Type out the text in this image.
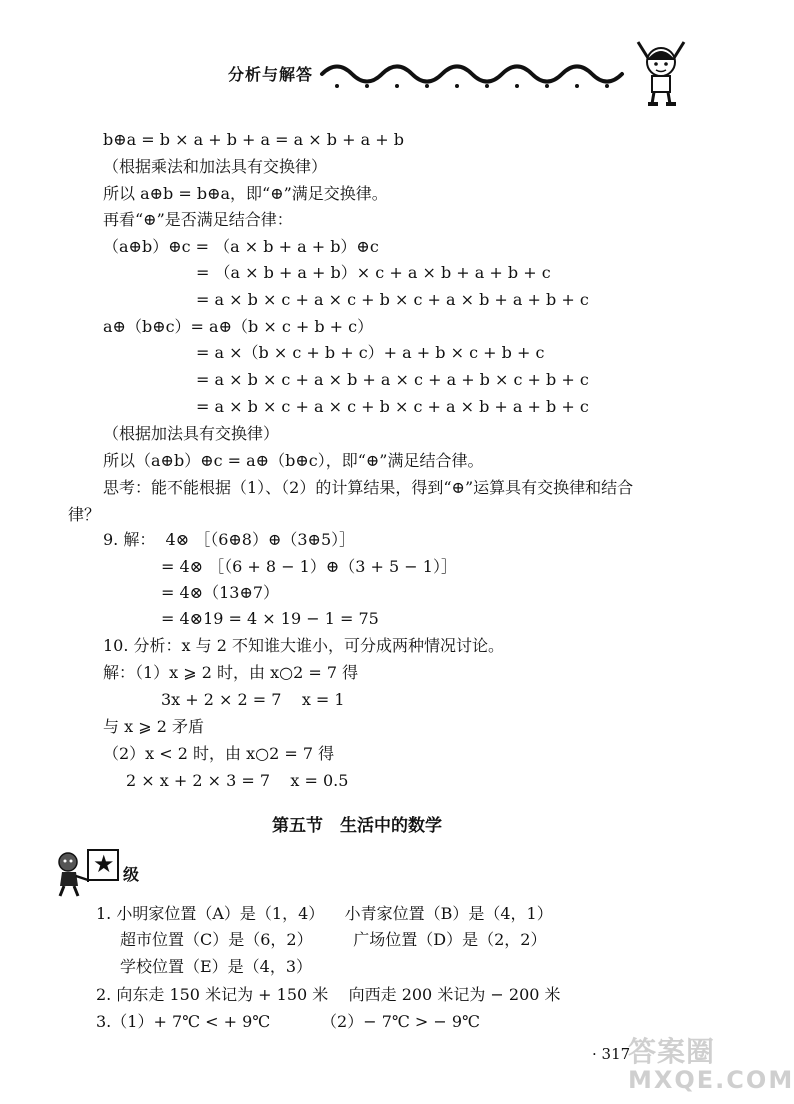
分析与解答
b⊕a = b × a + b + a = a × b + a + b
（根据乘法和加法具有交换律）
所以 a⊕b = b⊕a，即“⊕”满足交换律。
再看“⊕”是否满足结合律：
（a⊕b）⊕c = （a × b + a + b）⊕c
= （a × b + a + b）× c + a × b + a + b + c
= a × b × c + a × c + b × c + a × b + a + b + c
a⊕（b⊕c）= a⊕（b × c + b + c）
= a ×（b × c + b + c）+ a + b × c + b + c
= a × b × c + a × b + a × c + a + b × c + b + c
= a × b × c + a × c + b × c + a × b + a + b + c
（根据加法具有交换律）
所以（a⊕b）⊕c = a⊕（b⊕c），即“⊕”满足结合律。
思考：能不能根据（1）、（2）的计算结果，得到“⊕”运算具有交换律和结合
律？
9. 解：  4⊗ ［（6⊕8）⊕（3⊕5）］
= 4⊗ ［（6 + 8 − 1）⊕（3 + 5 − 1）］
= 4⊗（13⊕7）
= 4⊗19 = 4 × 19 − 1 = 75
10. 分析：x 与 2 不知谁大谁小，可分成两种情况讨论。
解：（1）x ⩾ 2 时，由 x○2 = 7 得
3x + 2 × 2 = 7    x = 1
与 x ⩾ 2 矛盾
（2）x < 2 时，由 x○2 = 7 得
2 × x + 2 × 3 = 7    x = 0.5
第五节　生活中的数学
★ 级
1. 小明家位置（A）是（1，4）    小青家位置（B）是（4，1）
超市位置（C）是（6，2）        广场位置（D）是（2，2）
学校位置（E）是（4，3）
2. 向东走 150 米记为 + 150 米    向西走 200 米记为 − 200 米
3.（1）+ 7℃ < + 9℃          （2）− 7℃ > − 9℃
· 317
答案圈
MXQE.COM
